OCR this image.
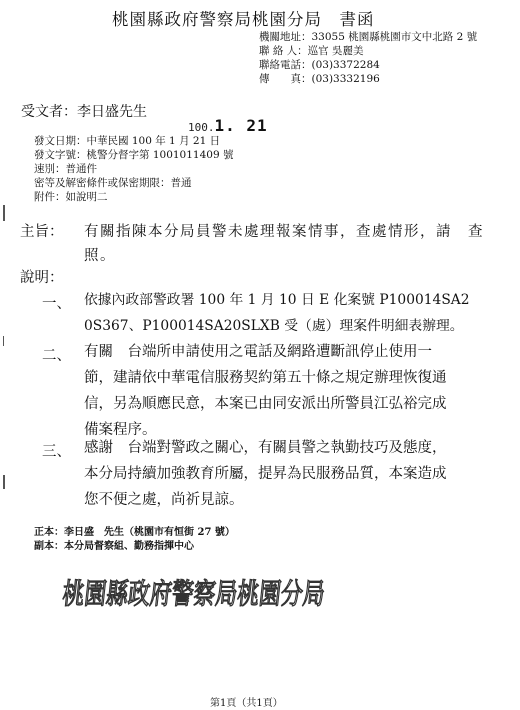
桃園縣政府警察局桃園分局　書函
機關地址：33055 桃園縣桃園市文中北路 2 號
聯 絡 人：巡官 吳麗美
聯絡電話：(03)3372284
傳　　真：(03)3332196
受文者：李日盛先生
100.1. 21
發文日期：中華民國 100 年 1 月 21 日
發文字號：桃警分督字第 1001011409 號
速別：普通件
密等及解密條件或保密期限：普通
附件：如說明二
主旨： 有關指陳本分局員警未處理報案情事，查處情形，請　查
照。
說明：
一、 依據內政部警政署 100 年 1 月 10 日 E 化案號 P100014SA2
0S367、P100014SA20SLXB 受（處）理案件明細表辦理。
二、 有關　台端所申請使用之電話及網路遭斷訊停止使用一
節，建請依中華電信服務契約第五十條之規定辦理恢復通
信，另為順應民意，本案已由同安派出所警員江弘裕完成
備案程序。
三、 感謝　台端對警政之關心，有關員警之執勤技巧及態度，
本分局持續加強教育所屬，提昇為民服務品質，本案造成
您不便之處，尚祈見諒。
正本：李日盛　先生（桃園市有恒街 27 號）
副本：本分局督察組、勤務指揮中心
桃園縣政府警察局桃園分局
第1頁（共1頁）
